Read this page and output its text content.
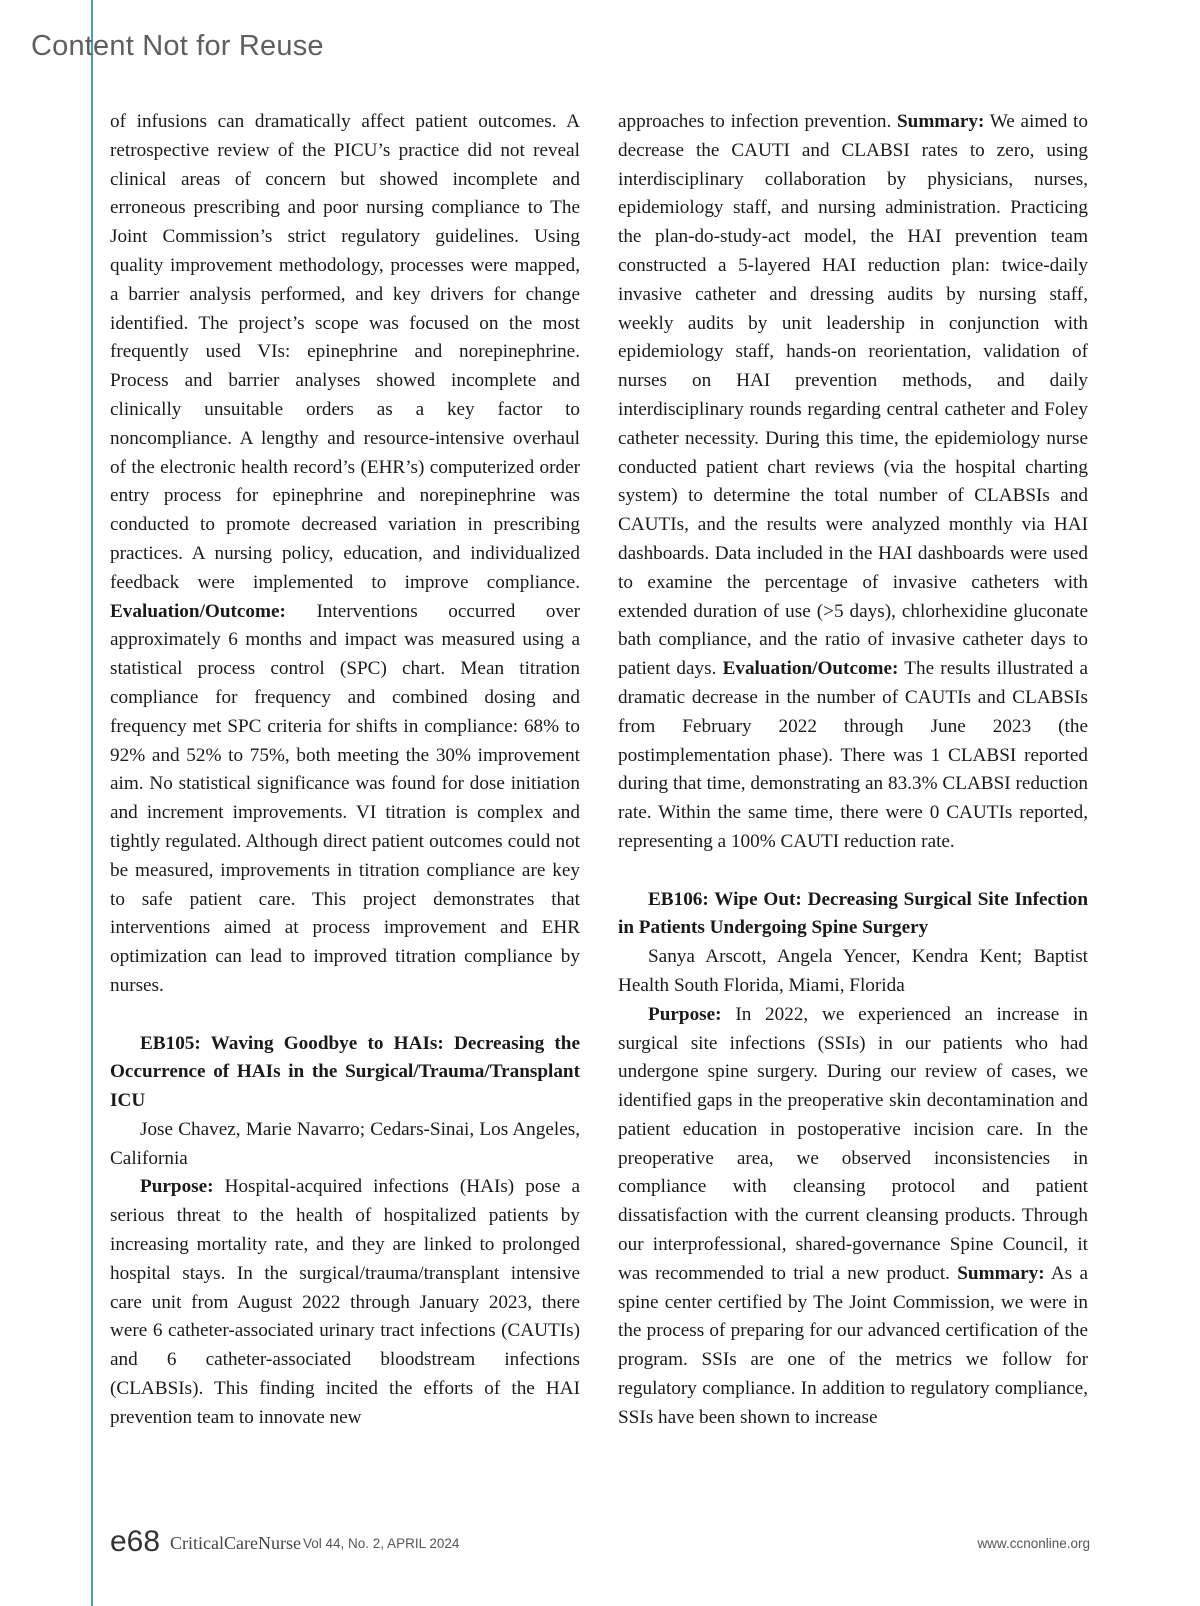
Content Not for Reuse

of infusions can dramatically affect patient outcomes. A retrospective review of the PICU’s practice did not reveal clinical areas of concern but showed incomplete and erroneous prescribing and poor nursing compliance to The Joint Commission’s strict regulatory guidelines. Using quality improvement methodology, processes were mapped, a barrier analysis performed, and key drivers for change identified. The project’s scope was focused on the most frequently used VIs: epinephrine and norepinephrine. Process and barrier analyses showed incomplete and clinically unsuitable orders as a key factor to noncompliance. A lengthy and resource-intensive overhaul of the electronic health record’s (EHR’s) computerized order entry process for epinephrine and norepinephrine was conducted to promote decreased variation in prescribing practices. A nursing policy, education, and individualized feedback were implemented to improve compliance. Evaluation/Outcome: Interventions occurred over approximately 6 months and impact was measured using a statistical process control (SPC) chart. Mean titration compliance for frequency and combined dosing and frequency met SPC criteria for shifts in compliance: 68% to 92% and 52% to 75%, both meeting the 30% improvement aim. No statistical significance was found for dose initiation and increment improvements. VI titration is complex and tightly regulated. Although direct patient outcomes could not be measured, improvements in titration compliance are key to safe patient care. This project demonstrates that interventions aimed at process improvement and EHR optimization can lead to improved titration compliance by nurses.

EB105: Waving Goodbye to HAIs: Decreasing the Occurrence of HAIs in the Surgical/Trauma/Transplant ICU

Jose Chavez, Marie Navarro; Cedars-Sinai, Los Angeles, California

Purpose: Hospital-acquired infections (HAIs) pose a serious threat to the health of hospitalized patients by increasing mortality rate, and they are linked to prolonged hospital stays. In the surgical/trauma/transplant intensive care unit from August 2022 through January 2023, there were 6 catheter-associated urinary tract infections (CAUTIs) and 6 catheter-associated bloodstream infections (CLABSIs). This finding incited the efforts of the HAI prevention team to innovate new

approaches to infection prevention. Summary: We aimed to decrease the CAUTI and CLABSI rates to zero, using interdisciplinary collaboration by physicians, nurses, epidemiology staff, and nursing administration. Practicing the plan-do-study-act model, the HAI prevention team constructed a 5-layered HAI reduction plan: twice-daily invasive catheter and dressing audits by nursing staff, weekly audits by unit leadership in conjunction with epidemiology staff, hands-on reorientation, validation of nurses on HAI prevention methods, and daily interdisciplinary rounds regarding central catheter and Foley catheter necessity. During this time, the epidemiology nurse conducted patient chart reviews (via the hospital charting system) to determine the total number of CLABSIs and CAUTIs, and the results were analyzed monthly via HAI dashboards. Data included in the HAI dashboards were used to examine the percentage of invasive catheters with extended duration of use (>5 days), chlorhexidine gluconate bath compliance, and the ratio of invasive catheter days to patient days. Evaluation/Outcome: The results illustrated a dramatic decrease in the number of CAUTIs and CLABSIs from February 2022 through June 2023 (the postimplementation phase). There was 1 CLABSI reported during that time, demonstrating an 83.3% CLABSI reduction rate. Within the same time, there were 0 CAUTIs reported, representing a 100% CAUTI reduction rate.

EB106: Wipe Out: Decreasing Surgical Site Infection in Patients Undergoing Spine Surgery

Sanya Arscott, Angela Yencer, Kendra Kent; Baptist Health South Florida, Miami, Florida

Purpose: In 2022, we experienced an increase in surgical site infections (SSIs) in our patients who had undergone spine surgery. During our review of cases, we identified gaps in the preoperative skin decontamination and patient education in postoperative incision care. In the preoperative area, we observed inconsistencies in compliance with cleansing protocol and patient dissatisfaction with the current cleansing products. Through our interprofessional, shared-governance Spine Council, it was recommended to trial a new product. Summary: As a spine center certified by The Joint Commission, we were in the process of preparing for our advanced certification of the program. SSIs are one of the metrics we follow for regulatory compliance. In addition to regulatory compliance, SSIs have been shown to increase

e68 CriticalCareNurse Vol 44, No. 2, APRIL 2024	www.ccnonline.org
